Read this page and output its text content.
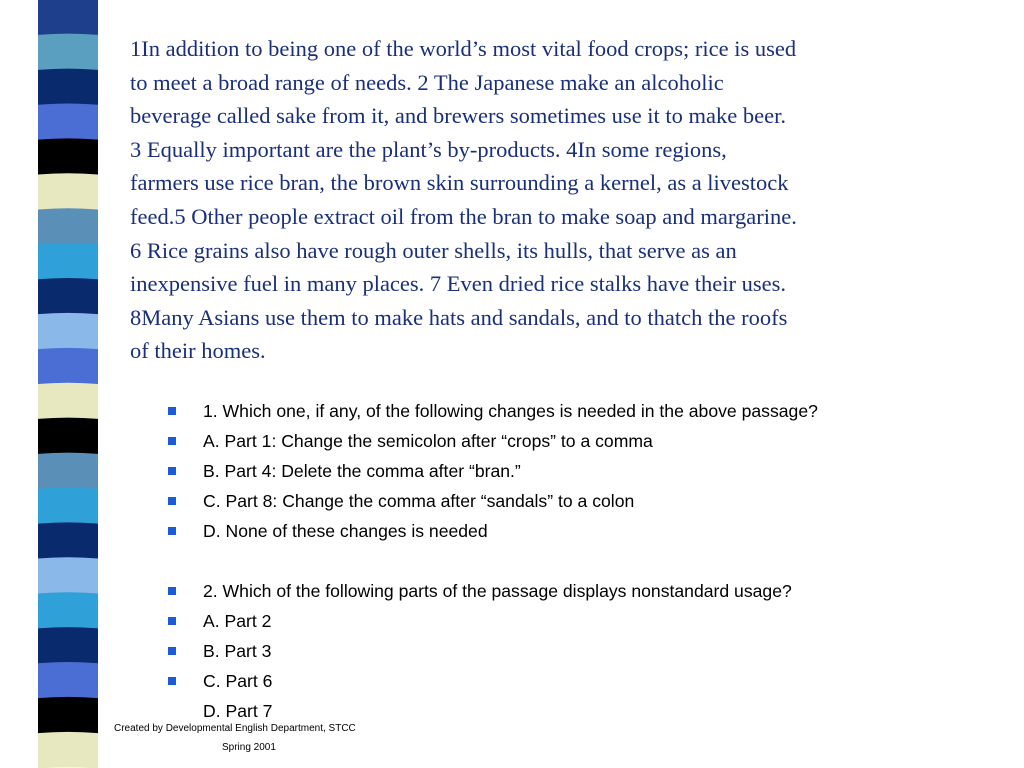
1In addition to being one of the world’s most vital food crops; rice is used
to meet a broad range of needs. 2 The Japanese make an alcoholic
beverage called sake from it, and brewers sometimes use it to make beer.
3 Equally important are the plant’s by-products. 4In some regions,
farmers use rice bran, the brown skin surrounding a kernel, as a livestock
feed.5 Other people extract oil from the bran to make soap and margarine.
6 Rice grains also have rough outer shells, its hulls, that serve as an
inexpensive fuel in many places. 7 Even dried rice stalks have their uses.
8Many Asians use them to make hats and sandals, and to thatch the roofs
of their homes.

1. Which one, if any, of the following changes is needed in the above passage?
A. Part 1: Change the semicolon after “crops” to a comma
B. Part 4: Delete the comma after “bran.”
C. Part 8: Change the comma after “sandals” to a colon
D. None of these changes is needed
2. Which of the following parts of the passage displays nonstandard usage?
A. Part 2
B. Part 3
C. Part 6
D. Part 7
Created by Developmental English Department, STCC
Spring 2001
